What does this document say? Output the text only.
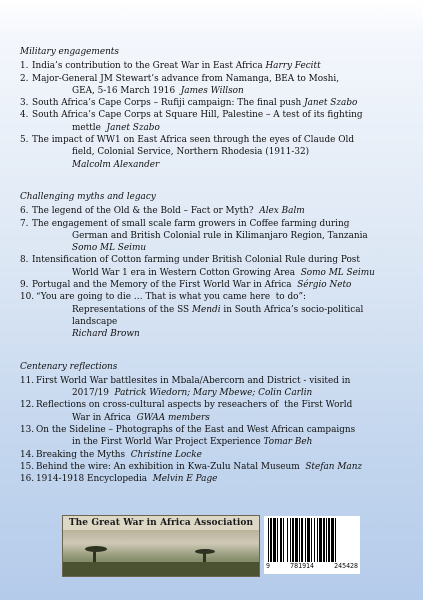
Military engagements
1. India’s contribution to the Great War in East Africa Harry Fecitt
2. Major-General JM Stewart’s advance from Namanga, BEA to Moshi,
GEA, 5-16 March 1916  James Willson
3. South Africa’s Cape Corps – Rufiji campaign: The final push Janet Szabo
4. South Africa’s Cape Corps at Square Hill, Palestine – A test of its fighting
mettle  Janet Szabo
5. The impact of WW1 on East Africa seen through the eyes of Claude Old
field, Colonial Service, Northern Rhodesia (1911-32)
Malcolm Alexander
Challenging myths and legacy
6. The legend of the Old & the Bold – Fact or Myth?  Alex Balm
7. The engagement of small scale farm growers in Coffee farming during
German and British Colonial rule in Kilimanjaro Region, Tanzania
Somo ML Seimu
8. Intensification of Cotton farming under British Colonial Rule during Post
World War 1 era in Western Cotton Growing Area  Somo ML Seimu
9. Portugal and the Memory of the First World War in Africa  Sérgio Neto
10. “You are going to die … That is what you came here  to do”:
Representations of the SS Mendi in South Africa’s socio-political
landscape
Richard Brown
Centenary reflections
11. First World War battlesites in Mbala/Abercorn and District - visited in
2017/19  Patrick Wiedorn; Mary Mbewe; Colin Carlin
12. Reflections on cross-cultural aspects by reseachers of  the First World
War in Africa  GWAA members
13. On the Sideline – Photographs of the East and West African campaigns
in the First World War Project Experience Tomar Beh
14. Breaking the Myths  Christine Locke
15. Behind the wire: An exhibition in Kwa-Zulu Natal Museum  Stefan Manz
16. 1914-1918 Encyclopedia  Melvin E Page
The Great War in Africa Association
9	781914	245428
